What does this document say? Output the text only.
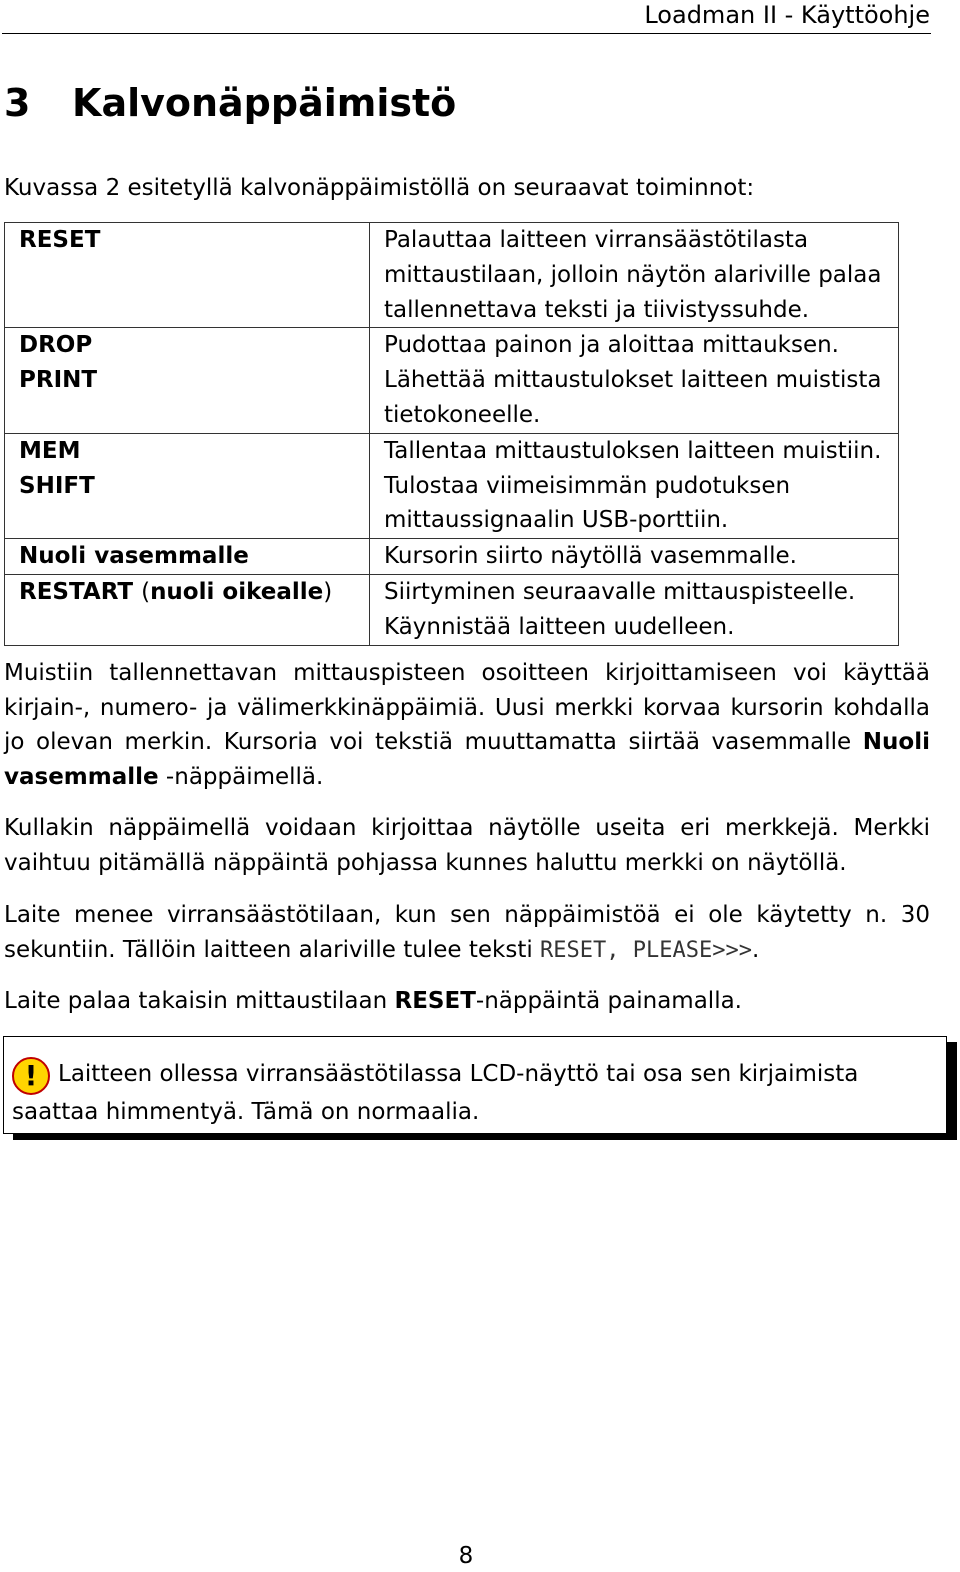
Loadman II - Käyttöohje
3 Kalvonäppäimistö
Kuvassa 2 esitetyllä kalvonäppäimistöllä on seuraavat toiminnot:
RESET	Palauttaa laitteen virransäästötilasta
mittaustilaan, jolloin näytön alariville palaa
tallennettava teksti ja tiivistyssuhde.

DROP
PRINT	Pudottaa painon ja aloittaa mittauksen.
Lähettää mittaustulokset laitteen muistista
tietokoneelle.

MEM
SHIFT	Tallentaa mittaustuloksen laitteen muistiin.
Tulostaa viimeisimmän pudotuksen
mittaussignaalin USB-porttiin.

Nuoli vasemmalle	Kursorin siirto näytöllä vasemmalle.

RESTART (nuoli oikealle)	Siirtyminen seuraavalle mittauspisteelle.
Käynnistää laitteen uudelleen.
Muistiin tallennettavan mittauspisteen osoitteen kirjoittamiseen voi käyttää kirjain-, numero- ja välimerkkinäppäimiä. Uusi merkki korvaa kursorin kohdalla jo olevan merkin. Kursoria voi tekstiä muuttamatta siirtää vasemmalle Nuoli vasemmalle -näppäimellä.
Kullakin näppäimellä voidaan kirjoittaa näytölle useita eri merkkejä. Merkki vaihtuu pitämällä näppäintä pohjassa kunnes haluttu merkki on näytöllä.
Laite menee virransäästötilaan, kun sen näppäimistöä ei ole käytetty n. 30 sekuntiin. Tällöin laitteen alariville tulee teksti RESET, PLEASE>>>.
Laite palaa takaisin mittaustilaan RESET-näppäintä painamalla.
! Laitteen ollessa virransäästötilassa LCD-näyttö tai osa sen kirjaimista saattaa himmentyä. Tämä on normaalia.
8
